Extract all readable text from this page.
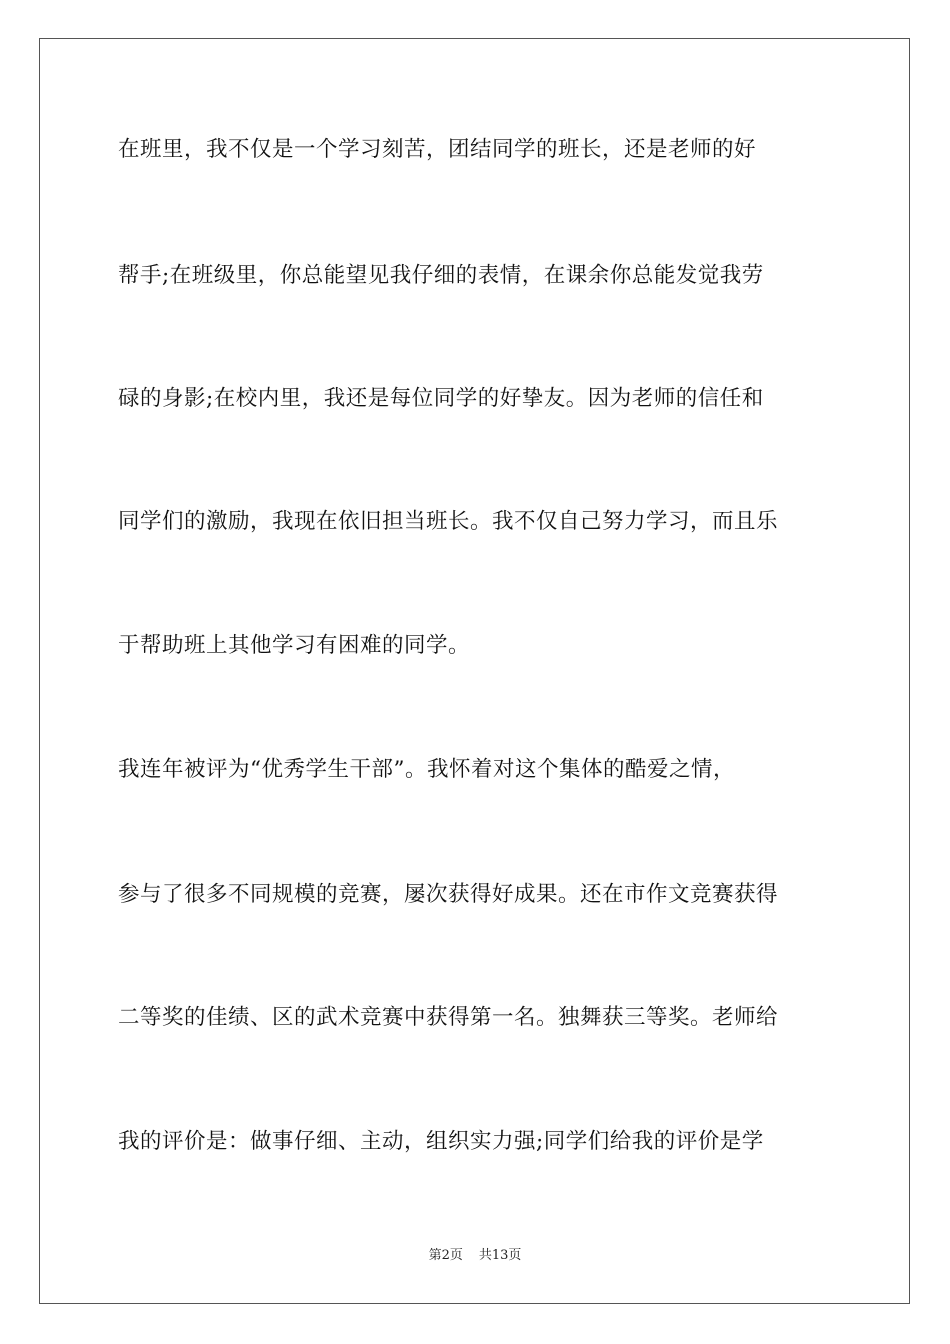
在班里，我不仅是一个学习刻苦，团结同学的班长，还是老师的好
帮手;在班级里，你总能望见我仔细的表情，在课余你总能发觉我劳
碌的身影;在校内里，我还是每位同学的好挚友。因为老师的信任和
同学们的激励，我现在依旧担当班长。我不仅自己努力学习，而且乐
于帮助班上其他学习有困难的同学。
我连年被评为“优秀学生干部”。我怀着对这个集体的酷爱之情，
参与了很多不同规模的竞赛，屡次获得好成果。还在市作文竞赛获得
二等奖的佳绩、区的武术竞赛中获得第一名。独舞获三等奖。老师给
我的评价是：做事仔细、主动，组织实力强;同学们给我的评价是学
第2页 共13页
